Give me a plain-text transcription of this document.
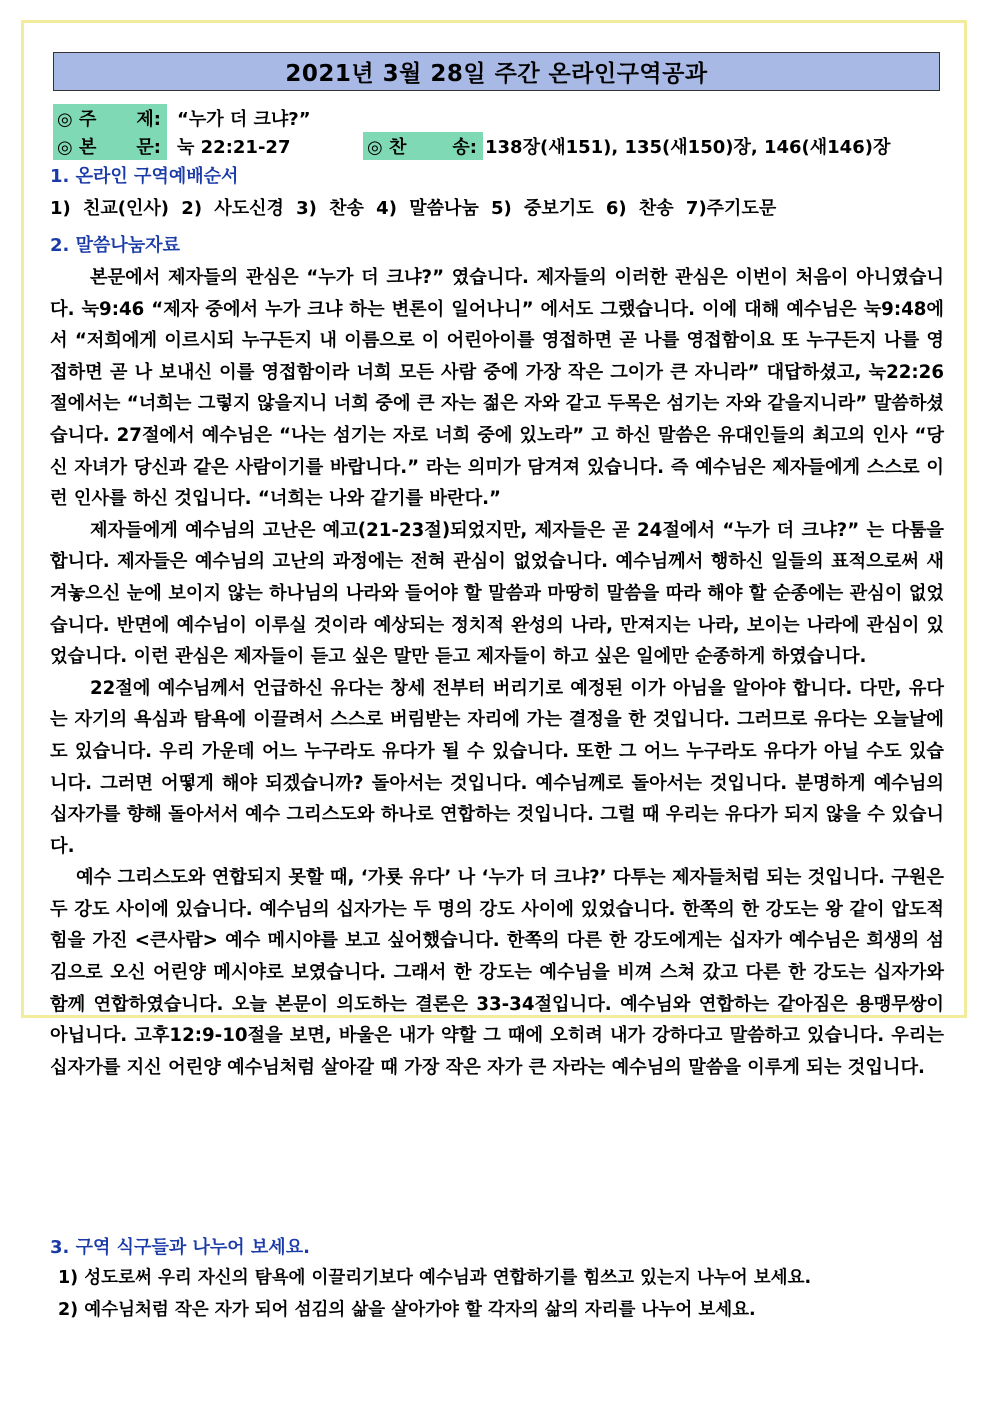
2021년 3월 28일 주간 온라인구역공과
◎ 주 제: “누가 더 크냐?”
◎ 본 문: 눅 22:21-27	◎ 찬	송: 138장(새151), 135(새150)장, 146(새146)장
1. 온라인 구역예배순서
1) 친교(인사) 2) 사도신경 3) 찬송 4) 말씀나눔 5) 중보기도 6) 찬송 7)주기도문
2. 말씀나눔자료

본문에서 제자들의 관심은 “누가 더 크냐?” 였습니다. 제자들의 이러한 관심은 이번이 처음이 아니였습니다. 눅9:46 “제자 중에서 누가 크냐 하는 변론이 일어나니” 에서도 그랬습니다. 이에 대해 예수님은 눅9:48에서 “저희에게 이르시되 누구든지 내 이름으로 이 어린아이를 영접하면 곧 나를 영접함이요 또 누구든지 나를 영접하면 곧 나 보내신 이를 영접함이라 너희 모든 사람 중에 가장 작은 그이가 큰 자니라” 대답하셨고, 눅22:26절에서는 “너희는 그렇지 않을지니 너희 중에 큰 자는 젊은 자와 같고 두목은 섬기는 자와 같을지니라” 말씀하셨습니다. 27절에서 예수님은 “나는 섬기는 자로 너희 중에 있노라” 고 하신 말씀은 유대인들의 최고의 인사 “당신 자녀가 당신과 같은 사람이기를 바랍니다.” 라는 의미가 담겨져 있습니다. 즉 예수님은 제자들에게 스스로 이런 인사를 하신 것입니다. “너희는 나와 같기를 바란다.”

제자들에게 예수님의 고난은 예고(21-23절)되었지만, 제자들은 곧 24절에서 “누가 더 크냐?” 는 다툼을 합니다. 제자들은 예수님의 고난의 과정에는 전혀 관심이 없었습니다. 예수님께서 행하신 일들의 표적으로써 새겨놓으신 눈에 보이지 않는 하나님의 나라와 들어야 할 말씀과 마땅히 말씀을 따라 해야 할 순종에는 관심이 없었습니다. 반면에 예수님이 이루실 것이라 예상되는 정치적 완성의 나라, 만져지는 나라, 보이는 나라에 관심이 있었습니다. 이런 관심은 제자들이 듣고 싶은 말만 듣고 제자들이 하고 싶은 일에만 순종하게 하였습니다.

22절에 예수님께서 언급하신 유다는 창세 전부터 버리기로 예정된 이가 아님을 알아야 합니다. 다만, 유다는 자기의 욕심과 탐욕에 이끌려서 스스로 버림받는 자리에 가는 결정을 한 것입니다. 그러므로 유다는 오늘날에도 있습니다. 우리 가운데 어느 누구라도 유다가 될 수 있습니다. 또한 그 어느 누구라도 유다가 아닐 수도 있습니다. 그러면 어떻게 해야 되겠습니까? 돌아서는 것입니다. 예수님께로 돌아서는 것입니다. 분명하게 예수님의 십자가를 향해 돌아서서 예수 그리스도와 하나로 연합하는 것입니다. 그럴 때 우리는 유다가 되지 않을 수 있습니다.

예수 그리스도와 연합되지 못할 때, ‘가룟 유다’ 나 ‘누가 더 크냐?’ 다투는 제자들처럼 되는 것입니다. 구원은 두 강도 사이에 있습니다. 예수님의 십자가는 두 명의 강도 사이에 있었습니다. 한쪽의 한 강도는 왕 같이 압도적 힘을 가진 <큰사람> 예수 메시야를 보고 싶어했습니다. 한쪽의 다른 한 강도에게는 십자가 예수님은 희생의 섬김으로 오신 어린양 메시야로 보였습니다. 그래서 한 강도는 예수님을 비껴 스쳐 갔고 다른 한 강도는 십자가와 함께 연합하였습니다. 오늘 본문이 의도하는 결론은 33-34절입니다. 예수님와 연합하는 같아짐은 용맹무쌍이 아닙니다. 고후12:9-10절을 보면, 바울은 내가 약할 그 때에 오히려 내가 강하다고 말씀하고 있습니다. 우리는 십자가를 지신 어린양 예수님처럼 살아갈 때 가장 작은 자가 큰 자라는 예수님의 말씀을 이루게 되는 것입니다.

3. 구역 식구들과 나누어 보세요.
1) 성도로써 우리 자신의 탐욕에 이끌리기보다 예수님과 연합하기를 힘쓰고 있는지 나누어 보세요.
2) 예수님처럼 작은 자가 되어 섬김의 삶을 살아가야 할 각자의 삶의 자리를 나누어 보세요.
